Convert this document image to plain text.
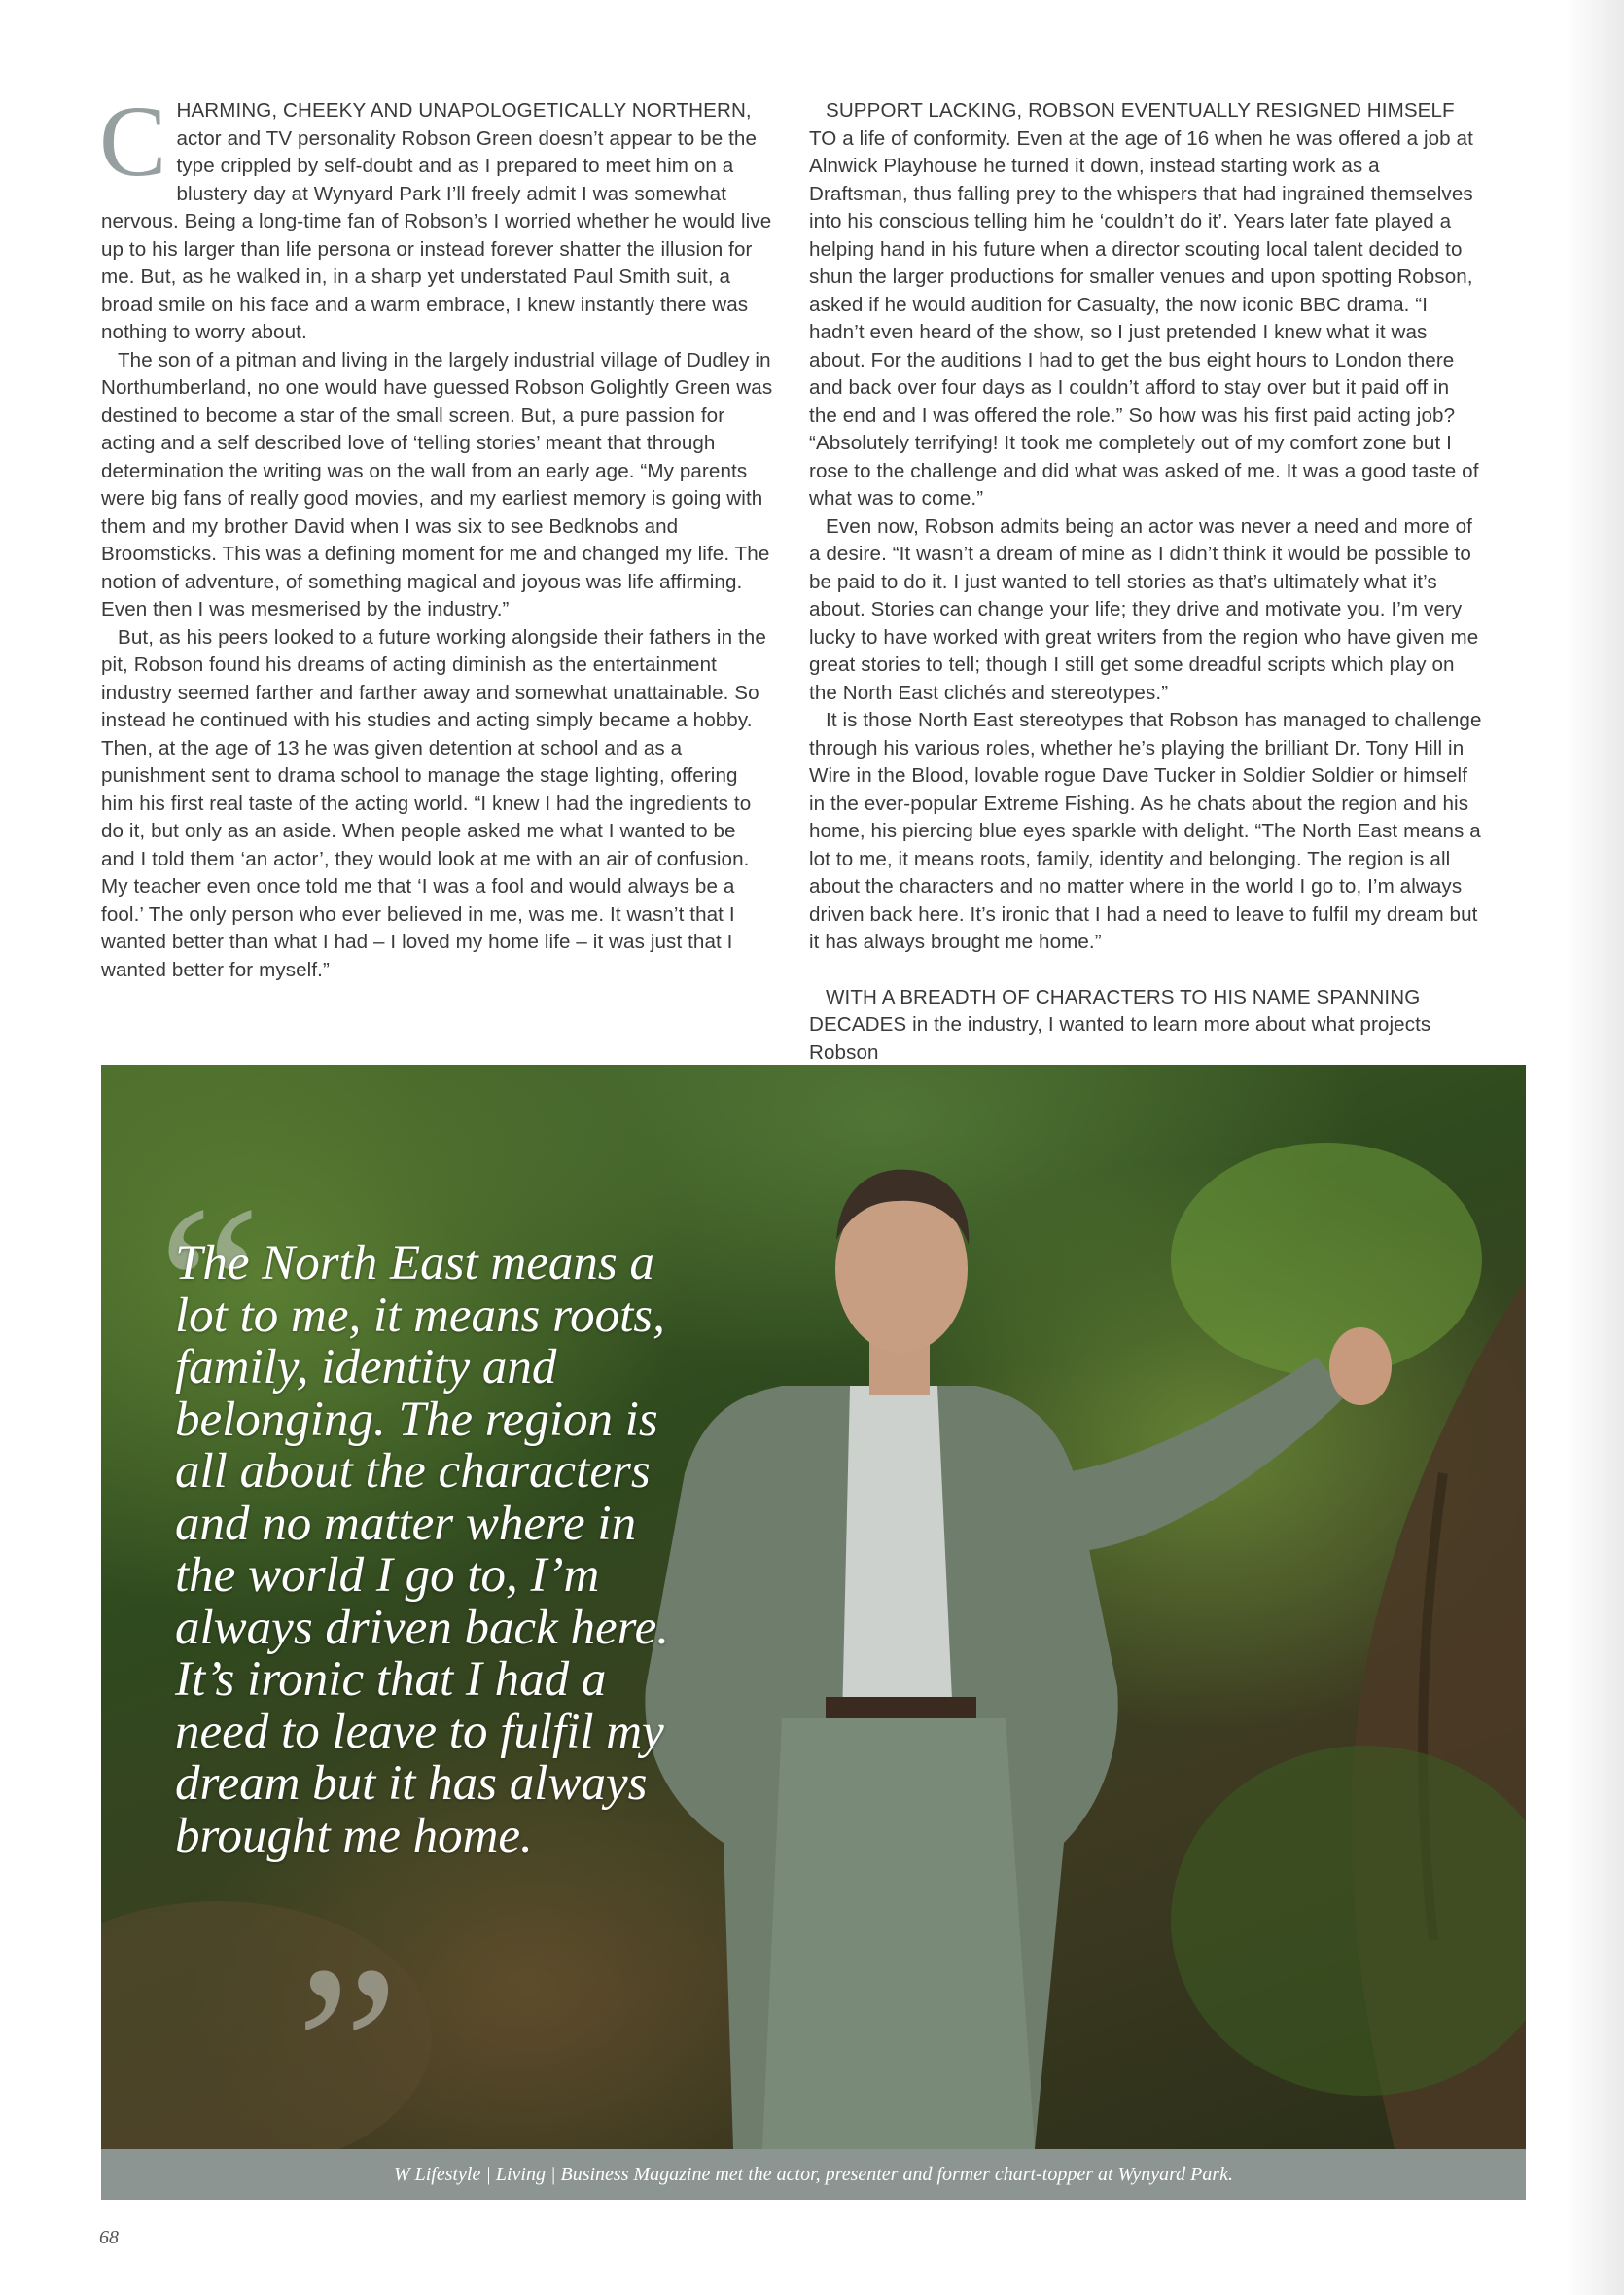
CHARMING, CHEEKY AND UNAPOLOGETICALLY NORTHERN, actor and TV personality Robson Green doesn’t appear to be the type crippled by self-doubt and as I prepared to meet him on a blustery day at Wynyard Park I’ll freely admit I was somewhat nervous. Being a long-time fan of Robson’s I worried whether he would live up to his larger than life persona or instead forever shatter the illusion for me. But, as he walked in, in a sharp yet understated Paul Smith suit, a broad smile on his face and a warm embrace, I knew instantly there was nothing to worry about.

The son of a pitman and living in the largely industrial village of Dudley in Northumberland, no one would have guessed Robson Golightly Green was destined to become a star of the small screen. But, a pure passion for acting and a self described love of ‘telling stories’ meant that through determination the writing was on the wall from an early age. “My parents were big fans of really good movies, and my earliest memory is going with them and my brother David when I was six to see Bedknobs and Broomsticks. This was a defining moment for me and changed my life. The notion of adventure, of something magical and joyous was life affirming. Even then I was mesmerised by the industry.”

But, as his peers looked to a future working alongside their fathers in the pit, Robson found his dreams of acting diminish as the entertainment industry seemed farther and farther away and somewhat unattainable. So instead he continued with his studies and acting simply became a hobby. Then, at the age of 13 he was given detention at school and as a punishment sent to drama school to manage the stage lighting, offering him his first real taste of the acting world. “I knew I had the ingredients to do it, but only as an aside. When people asked me what I wanted to be and I told them ‘an actor’, they would look at me with an air of confusion. My teacher even once told me that ‘I was a fool and would always be a fool.’ The only person who ever believed in me, was me. It wasn’t that I wanted better than what I had – I loved my home life – it was just that I wanted better for myself.”

SUPPORT LACKING, ROBSON EVENTUALLY RESIGNED HIMSELF TO a life of conformity. Even at the age of 16 when he was offered a job at Alnwick Playhouse he turned it down, instead starting work as a Draftsman, thus falling prey to the whispers that had ingrained themselves into his conscious telling him he ‘couldn’t do it’. Years later fate played a helping hand in his future when a director scouting local talent decided to shun the larger productions for smaller venues and upon spotting Robson, asked if he would audition for Casualty, the now iconic BBC drama. “I hadn’t even heard of the show, so I just pretended I knew what it was about. For the auditions I had to get the bus eight hours to London there and back over four days as I couldn’t afford to stay over but it paid off in the end and I was offered the role.” So how was his first paid acting job? “Absolutely terrifying! It took me completely out of my comfort zone but I rose to the challenge and did what was asked of me. It was a good taste of what was to come.”

Even now, Robson admits being an actor was never a need and more of a desire. “It wasn’t a dream of mine as I didn’t think it would be possible to be paid to do it. I just wanted to tell stories as that’s ultimately what it’s about. Stories can change your life; they drive and motivate you. I’m very lucky to have worked with great writers from the region who have given me great stories to tell; though I still get some dreadful scripts which play on the North East clichés and stereotypes.”

It is those North East stereotypes that Robson has managed to challenge through his various roles, whether he’s playing the brilliant Dr. Tony Hill in Wire in the Blood, lovable rogue Dave Tucker in Soldier Soldier or himself in the ever-popular Extreme Fishing. As he chats about the region and his home, his piercing blue eyes sparkle with delight. “The North East means a lot to me, it means roots, family, identity and belonging. The region is all about the characters and no matter where in the world I go to, I’m always driven back here. It’s ironic that I had a need to leave to fulfil my dream but it has always brought me home.”

WITH A BREADTH OF CHARACTERS TO HIS NAME SPANNING DECADES in the industry, I wanted to learn more about what projects Robson

“
The North East means a lot to me, it means roots, family, identity and belonging. The region is all about the characters and no matter where in the world I go to, I’m always driven back here. It’s ironic that I had a need to leave to fulfil my dream but it has always brought me home.
”
W Lifestyle | Living | Business Magazine met the actor, presenter and former chart-topper at Wynyard Park.
68
